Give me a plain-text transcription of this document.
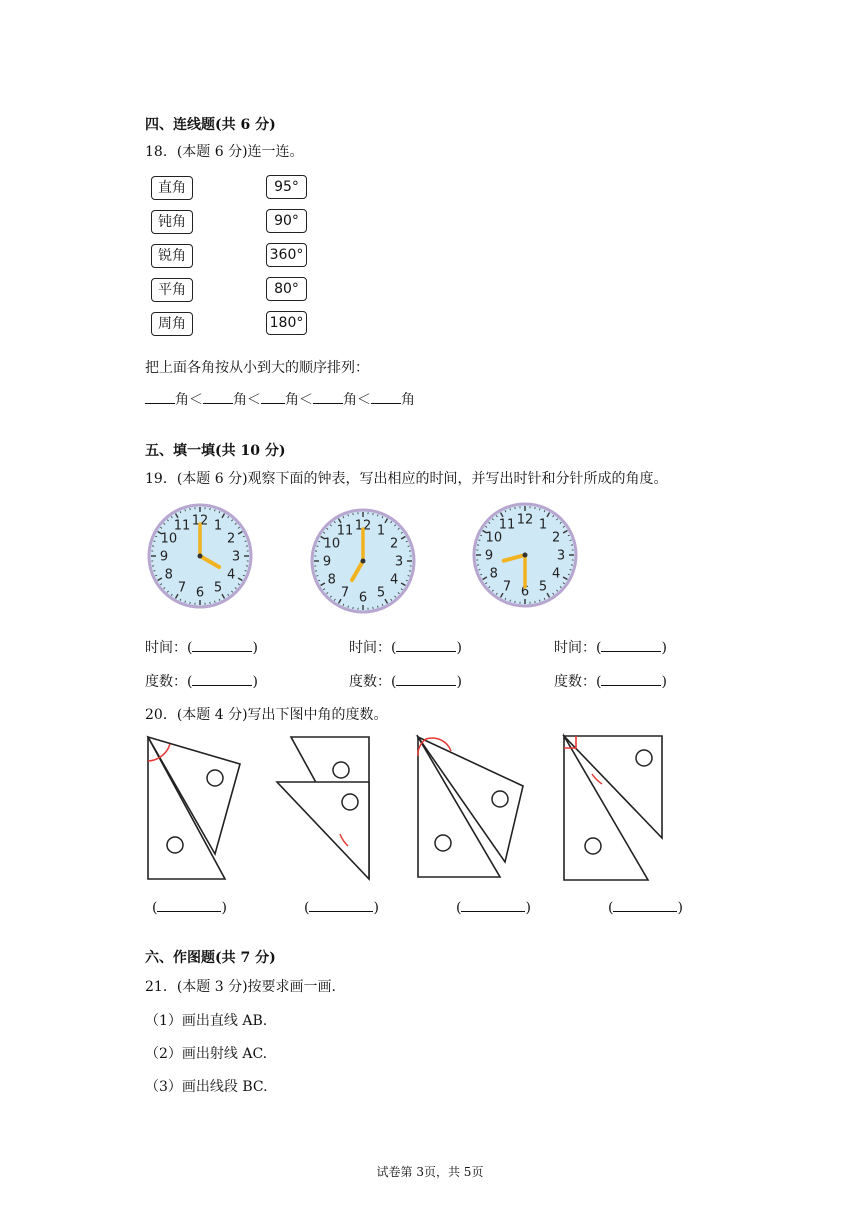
四、连线题(共 6 分)
18．(本题 6 分)连一连。
直角
钝角
锐角
平角
周角
95°
90°
360°
80°
180°
把上面各角按从小到大的顺序排列：
角＜ 角＜ 角＜ 角＜ 角
五、填一填(共 10 分)
19．(本题 6 分)观察下面的钟表，写出相应的时间，并写出时针和分针所成的角度。
12 1
2
3
4
5
6
7
8
9
10
11	12 1
2
3
4
5
6
7
8
9
10
11
12 1
2
3
4
5
6
7
8
9
10
11
时间：(	)	时间：(	)	时间：(	)
度数：(	)	度数：(	)	度数：(	)
20．(本题 4 分)写出下图中角的度数。
(	)	(	)	(	)	(	)
六、作图题(共 7 分)
21．(本题 3 分)按要求画一画.
（1）画出直线 AB.
（2）画出射线 AC.
（3）画出线段 BC.
试卷第 3页，共 5页
